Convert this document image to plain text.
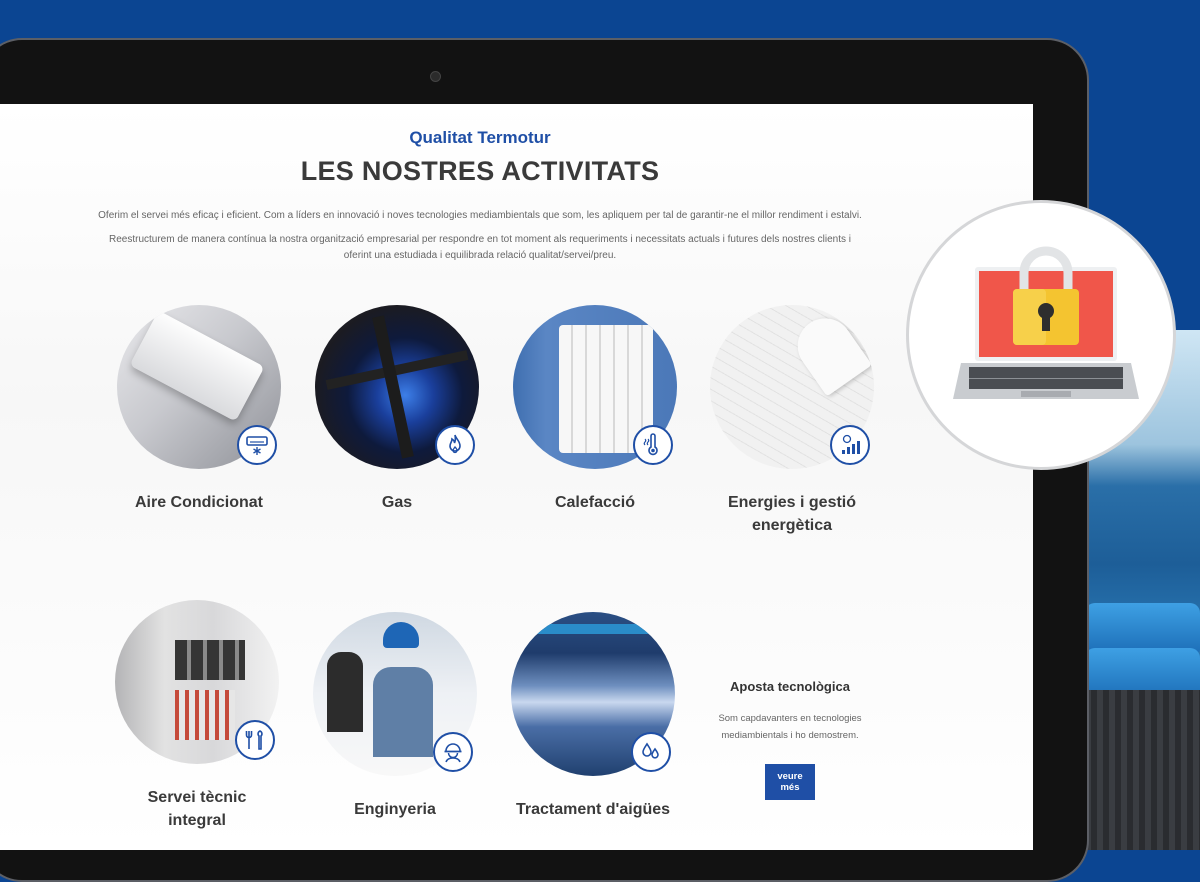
Qualitat Termotur
LES NOSTRES ACTIVITATS

Oferim el servei més eficaç i eficient. Com a líders en innovació i noves tecnologies mediambientals que som, les apliquem per tal de garantir-ne el millor rendiment i estalvi.

Reestructurem de manera contínua la nostra organització empresarial per respondre en tot moment als requeriments i necessitats actuals i futures dels nostres clients i oferint una estudiada i equilibrada relació qualitat/servei/preu.

Aire Condicionat	Gas	Calefacció	Energies i gestió energètica
Servei tècnic integral
Enginyeria	Tractament d'aigües
Aposta tecnològica
Som capdavanters en tecnologies mediambientals i ho demostrem.
veure més
